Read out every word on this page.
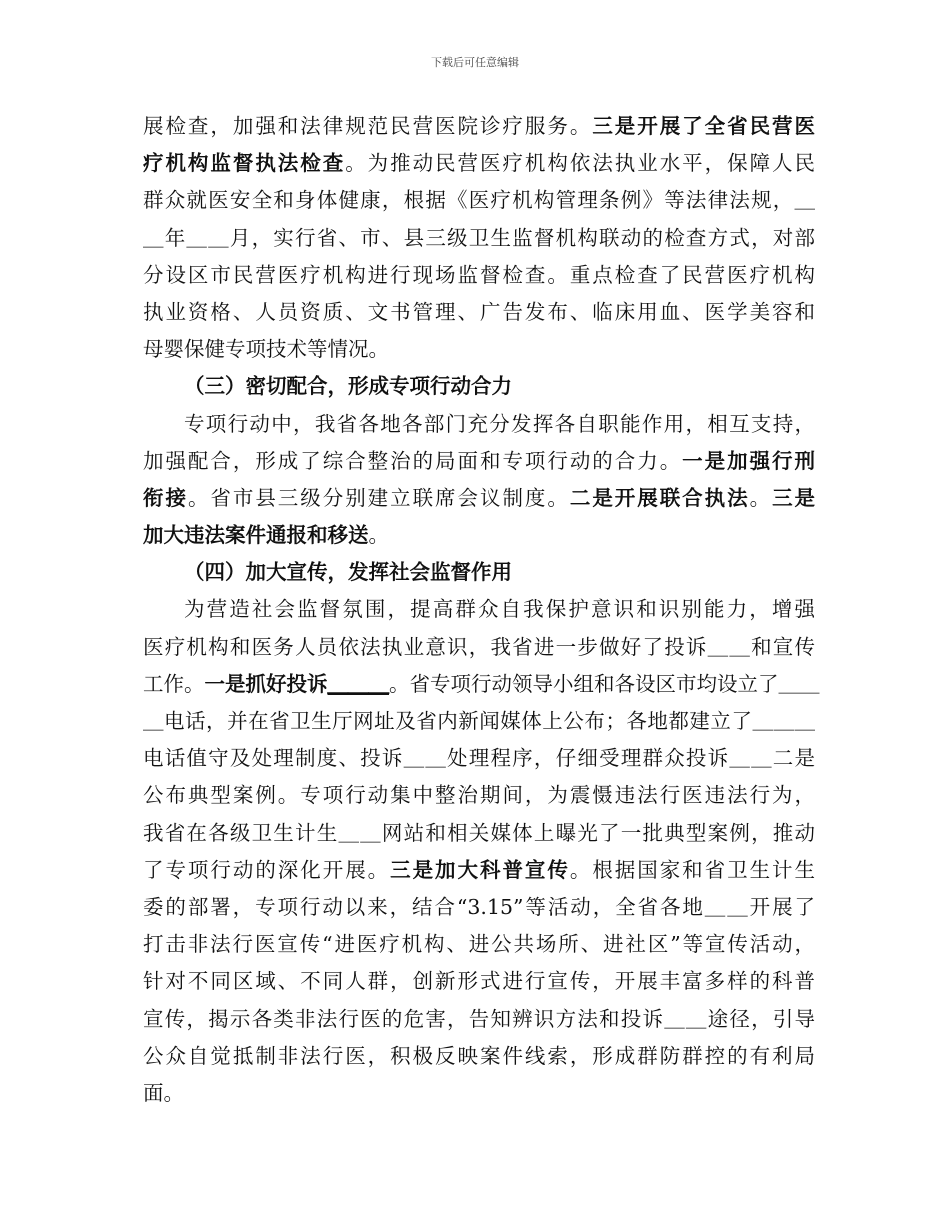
下载后可任意编辑
展检查，加强和法律规范民营医院诊疗服务。三是开展了全省民营医
疗机构监督执法检查。为推动民营医疗机构依法执业水平，保障人民
群众就医安全和身体健康，根据《医疗机构管理条例》等法律法规，＿
＿年＿＿月，实行省、市、县三级卫生监督机构联动的检查方式，对部
分设区市民营医疗机构进行现场监督检查。重点检查了民营医疗机构
执业资格、人员资质、文书管理、广告发布、临床用血、医学美容和
母婴保健专项技术等情况。
（三）密切配合，形成专项行动合力
专项行动中，我省各地各部门充分发挥各自职能作用，相互支持，
加强配合，形成了综合整治的局面和专项行动的合力。一是加强行刑
衔接。省市县三级分别建立联席会议制度。二是开展联合执法。三是
加大违法案件通报和移送。
（四）加大宣传，发挥社会监督作用
为营造社会监督氛围，提高群众自我保护意识和识别能力，增强
医疗机构和医务人员依法执业意识，我省进一步做好了投诉＿＿和宣传
工作。一是抓好投诉＿＿＿。省专项行动领导小组和各设区市均设立了＿＿
＿电话，并在省卫生厅网址及省内新闻媒体上公布；各地都建立了＿＿＿
电话值守及处理制度、投诉＿＿处理程序，仔细受理群众投诉＿＿二是
公布典型案例。专项行动集中整治期间，为震慑违法行医违法行为，
我省在各级卫生计生＿＿网站和相关媒体上曝光了一批典型案例，推动
了专项行动的深化开展。三是加大科普宣传。根据国家和省卫生计生
委的部署，专项行动以来，结合“3.15”等活动，全省各地＿＿开展了
打击非法行医宣传“进医疗机构、进公共场所、进社区”等宣传活动，
针对不同区域、不同人群，创新形式进行宣传，开展丰富多样的科普
宣传，揭示各类非法行医的危害，告知辨识方法和投诉＿＿途径，引导
公众自觉抵制非法行医，积极反映案件线索，形成群防群控的有利局
面。
